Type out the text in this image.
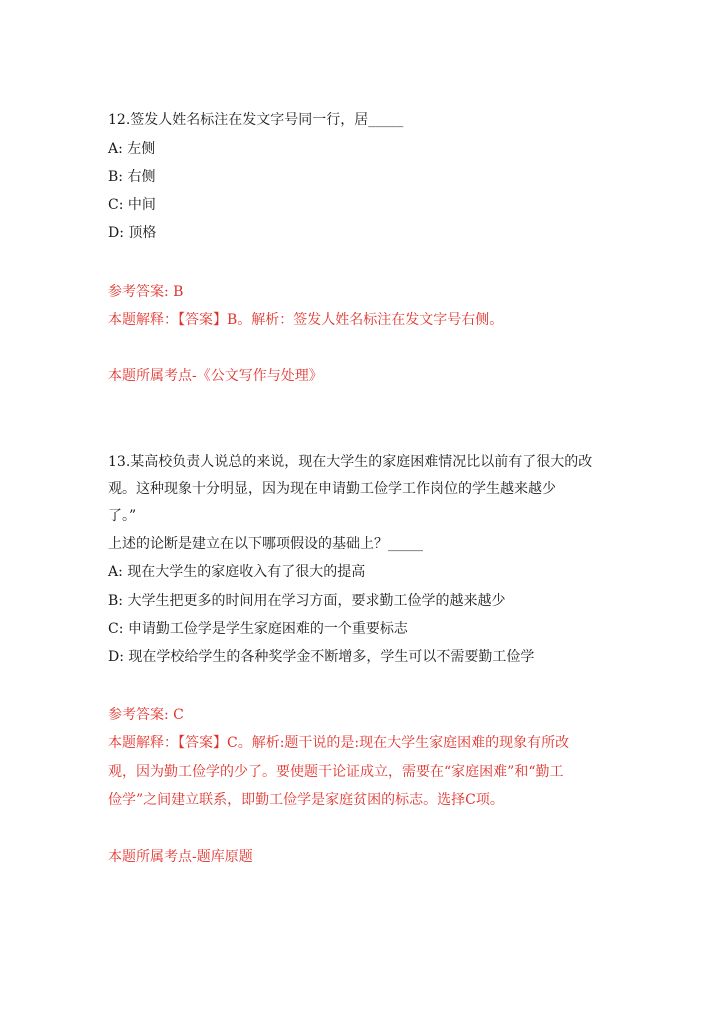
12.签发人姓名标注在发文字号同一行，居_____
A: 左侧
B: 右侧
C: 中间
D: 顶格
参考答案: B
本题解释：【答案】B。解析：签发人姓名标注在发文字号右侧。
本题所属考点-《公文写作与处理》
13.某高校负责人说总的来说，现在大学生的家庭困难情况比以前有了很大的改
观。这种现象十分明显，因为现在申请勤工俭学工作岗位的学生越来越少
了。”
上述的论断是建立在以下哪项假设的基础上？_____
A: 现在大学生的家庭收入有了很大的提高
B: 大学生把更多的时间用在学习方面，要求勤工俭学的越来越少
C: 申请勤工俭学是学生家庭困难的一个重要标志
D: 现在学校给学生的各种奖学金不断增多，学生可以不需要勤工俭学
参考答案: C
本题解释：【答案】C。解析:题干说的是:现在大学生家庭困难的现象有所改
观，因为勤工俭学的少了。要使题干论证成立，需要在“家庭困难”和“勤工
俭学”之间建立联系，即勤工俭学是家庭贫困的标志。选择C项。
本题所属考点-题库原题
